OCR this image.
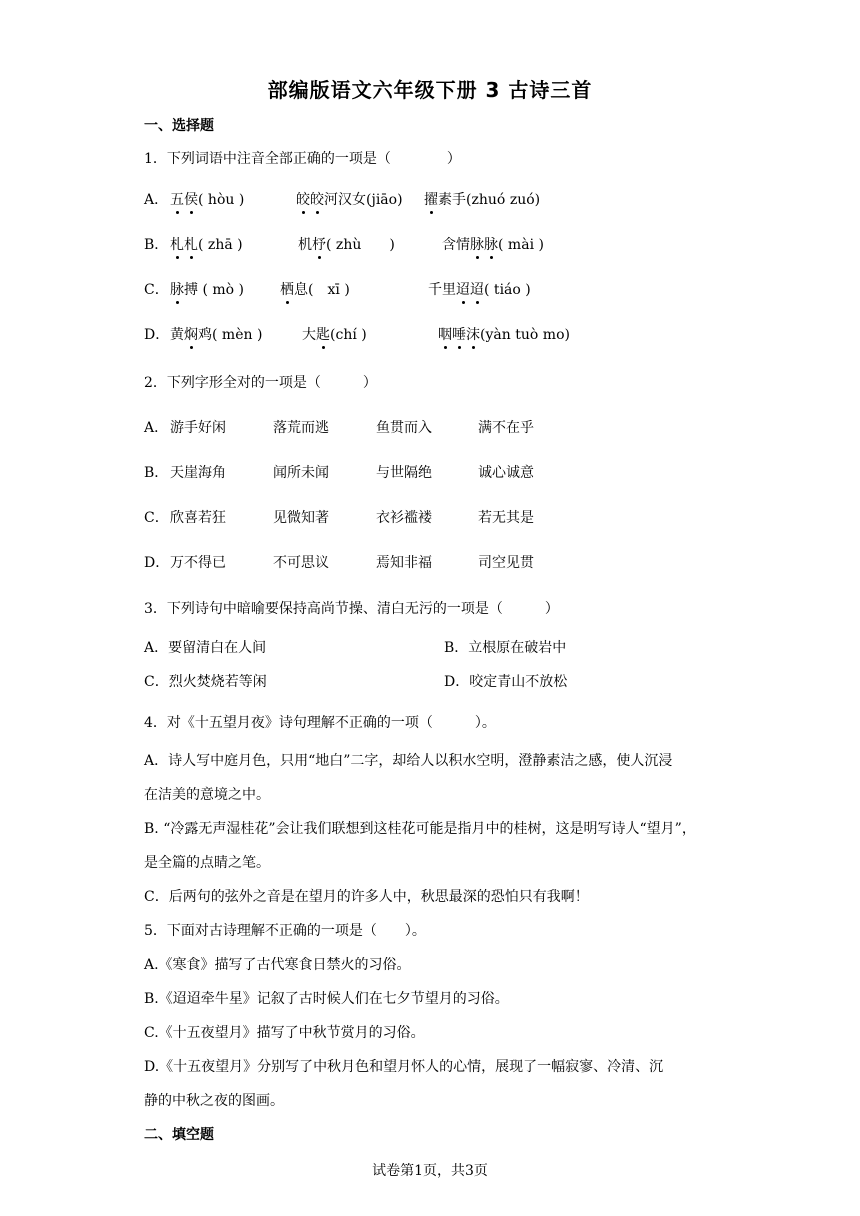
部编版语文六年级下册 3 古诗三首
一、选择题
1．下列词语中注音全部正确的一项是（　　　　）
A． 五侯( hòu )	皎皎河汉女(jiāo) 擢素手(zhuó zuó)
B． 札札( zhā )	机杼( zhù　　 )	含情脉脉( mài )
C． 脉搏 ( mò )	栖息(　 xī )	千里迢迢( tiáo )
D． 黄焖鸡( mèn )	大匙(chí )	咽唾沫(yàn tuò mo)
2．下列字形全对的一项是（　　　）
A． 游手好闲	落荒而逃	鱼贯而入	满不在乎
B． 天崖海角	闻所未闻	与世隔绝	诚心诚意
C． 欣喜若狂	见微知著	衣衫褴褛	若无其是
D． 万不得已	不可思议	焉知非福	司空见贯
3．下列诗句中暗喻要保持高尚节操、清白无污的一项是（　　　）
A．要留清白在人间	B．立根原在破岩中
C．烈火焚烧若等闲	D．咬定青山不放松
4．对《十五望月夜》诗句理解不正确的一项（　　　）。
A．诗人写中庭月色，只用“地白”二字，却给人以积水空明，澄静素洁之感，使人沉浸
在洁美的意境之中。
B. “冷露无声湿桂花”会让我们联想到这桂花可能是指月中的桂树，这是明写诗人“望月”，
是全篇的点睛之笔。
C．后两句的弦外之音是在望月的许多人中，秋思最深的恐怕只有我啊！
5．下面对古诗理解不正确的一项是（　　）。
A.《寒食》描写了古代寒食日禁火的习俗。
B.《迢迢牵牛星》记叙了古时候人们在七夕节望月的习俗。
C.《十五夜望月》描写了中秋节赏月的习俗。
D.《十五夜望月》分别写了中秋月色和望月怀人的心情，展现了一幅寂寥、冷清、沉
静的中秋之夜的图画。
二、填空题
试卷第1页，共3页
